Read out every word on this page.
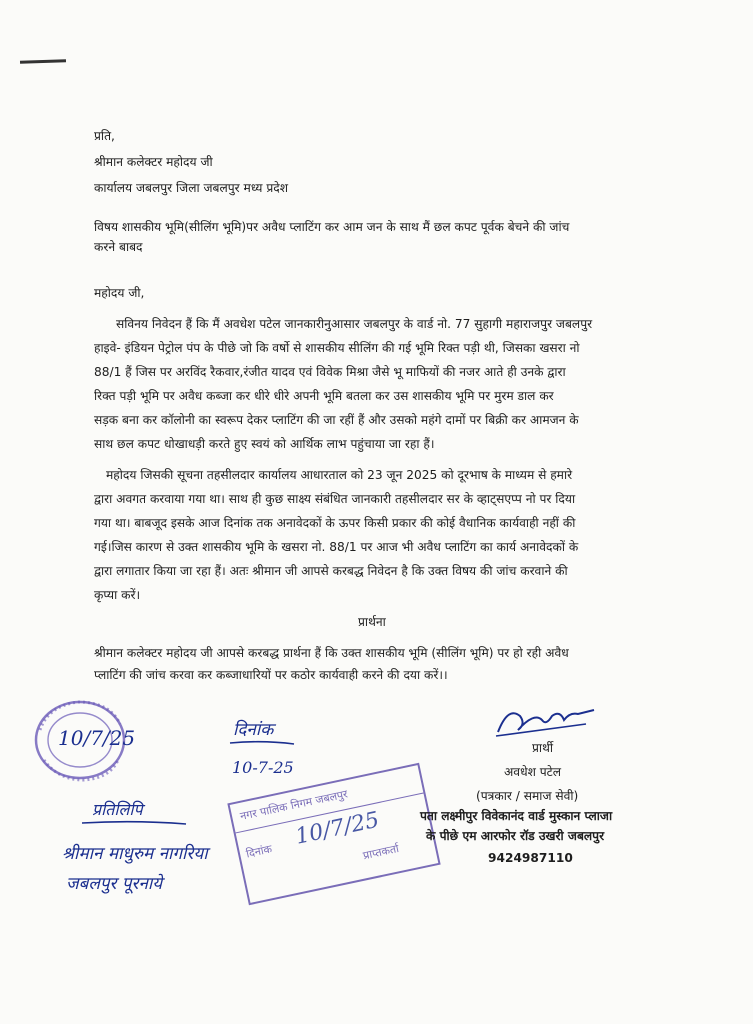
प्रति,

श्रीमान कलेक्टर महोदय जी

कार्यालय जबलपुर जिला जबलपुर मध्य प्रदेश

विषय शासकीय भूमि(सीलिंग भूमि)पर अवैध प्लाटिंग कर आम जन के साथ मैं छल कपट पूर्वक बेचने की जांच

करने बाबद

महोदय जी,

सविनय निवेदन हैं कि मैं अवधेश पटेल जानकारीनुआसार जबलपुर के वार्ड नो. 77 सुहागी महाराजपुर जबलपुर
हाइवे- इंडियन पेट्रोल पंप के पीछे जो कि वर्षो से शासकीय सीलिंग की गई भूमि रिक्त पड़ी थी, जिसका खसरा नो
88/1 हैं जिस पर अरविंद रैकवार,रंजीत यादव एवं विवेक मिश्रा जैसे भू माफियों की नजर आते ही उनके द्वारा
रिक्त पड़ी भूमि पर अवैध कब्जा कर धीरे धीरे अपनी भूमि बतला कर उस शासकीय भूमि पर मुरम डाल कर
सड़क बना कर कॉलोनी का स्वरूप देकर प्लाटिंग की जा रहीं हैं और उसको महंगे दामों पर बिक्री कर आमजन के
साथ छल कपट धोखाधड़ी करते हुए स्वयं को आर्थिक लाभ पहुंचाया जा रहा हैं।
महोदय जिसकी सूचना तहसीलदार कार्यालय आधारताल को 23 जून 2025 को दूरभाष के माध्यम से हमारे
द्वारा अवगत करवाया गया था। साथ ही कुछ साक्ष्य संबंधित जानकारी तहसीलदार सर के व्हाट्सएप्प नो पर दिया
गया था। बाबजूद इसके आज दिनांक तक अनावेदकों के ऊपर किसी प्रकार की कोई वैधानिक कार्यवाही नहीं की
गई।जिस कारण से उक्त शासकीय भूमि के खसरा नो. 88/1 पर आज भी अवैध प्लाटिंग का कार्य अनावेदकों के
द्वारा लगातार किया जा रहा हैं। अतः श्रीमान जी आपसे करबद्ध निवेदन है कि उक्त विषय की जांच करवाने की
कृप्या करें।

प्रार्थना

श्रीमान कलेक्टर महोदय जी आपसे करबद्ध प्रार्थना हैं कि उक्त शासकीय भूमि (सीलिंग भूमि) पर हो रही अवैध
प्लाटिंग की जांच करवा कर कब्जाधारियों पर कठोर कार्यवाही करने की दया करें।।
10/7/25	दिनांक

10-7-25

प्रतिलिपि

श्रीमान माधुरुम नागरिया

जबलपुर पूरनाये

नगर पालिक निगम जबलपुर

दिनांक	प्राप्तकर्ता

10/7/25

प्रार्थी

अवधेश पटेल

(पत्रकार / समाज सेवी)

पता लक्ष्मीपुर विवेकानंद वार्ड मुस्कान प्लाजा

के पीछे एम आरफोर रॉड उखरी जबलपुर

9424987110
